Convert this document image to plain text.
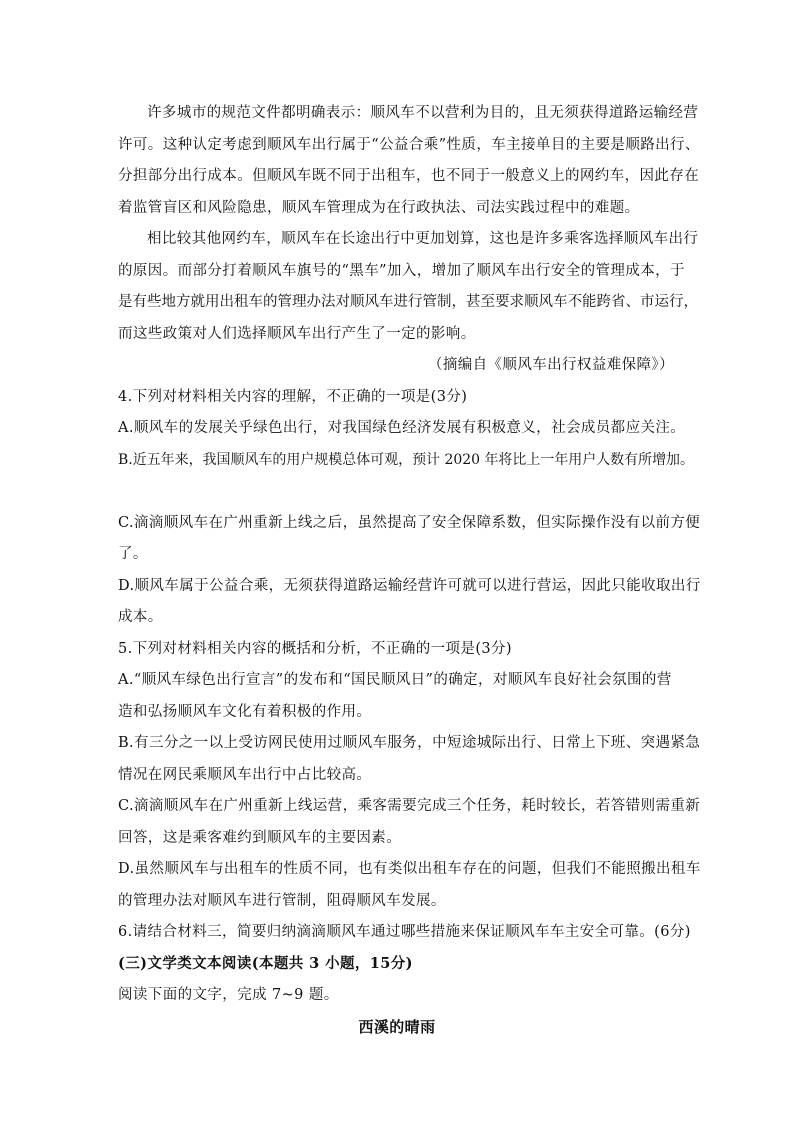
许多城市的规范文件都明确表示：顺风车不以营利为目的，且无须获得道路运输经营
许可。这种认定考虑到顺风车出行属于“公益合乘”性质，车主接单目的主要是顺路出行、
分担部分出行成本。但顺风车既不同于出租车，也不同于一般意义上的网约车，因此存在
着监管盲区和风险隐患，顺风车管理成为在行政执法、司法实践过程中的难题。
相比较其他网约车，顺风车在长途出行中更加划算，这也是许多乘客选择顺风车出行
的原因。而部分打着顺风车旗号的“黑车”加入，增加了顺风车出行安全的管理成本，于
是有些地方就用出租车的管理办法对顺风车进行管制，甚至要求顺风车不能跨省、市运行，
而这些政策对人们选择顺风车出行产生了一定的影响。
（摘编自《顺风车出行权益难保障》）
4.下列对材料相关内容的理解，不正确的一项是(3分)
A.顺风车的发展关乎绿色出行，对我国绿色经济发展有积极意义，社会成员都应关注。
B.近五年来，我国顺风车的用户规模总体可观，预计 2020 年将比上一年用户人数有所增加。
C.滴滴顺风车在广州重新上线之后，虽然提高了安全保障系数，但实际操作没有以前方便
了。
D.顺风车属于公益合乘，无须获得道路运输经营许可就可以进行营运，因此只能收取出行
成本。
5.下列对材料相关内容的概括和分析，不正确的一项是(3分)
A.“顺风车绿色出行宣言”的发布和“国民顺风日”的确定，对顺风车良好社会氛围的营
造和弘扬顺风车文化有着积极的作用。
B.有三分之一以上受访网民使用过顺风车服务，中短途城际出行、日常上下班、突遇紧急
情况在网民乘顺风车出行中占比较高。
C.滴滴顺风车在广州重新上线运营，乘客需要完成三个任务，耗时较长，若答错则需重新
回答，这是乘客难约到顺风车的主要因素。
D.虽然顺风车与出租车的性质不同，也有类似出租车存在的问题，但我们不能照搬出租车
的管理办法对顺风车进行管制，阻碍顺风车发展。
6.请结合材料三，简要归纳滴滴顺风车通过哪些措施来保证顺风车车主安全可靠。(6分)
(三)文学类文本阅读(本题共 3 小题，15分)
阅读下面的文字，完成 7~9 题。
西溪的晴雨
